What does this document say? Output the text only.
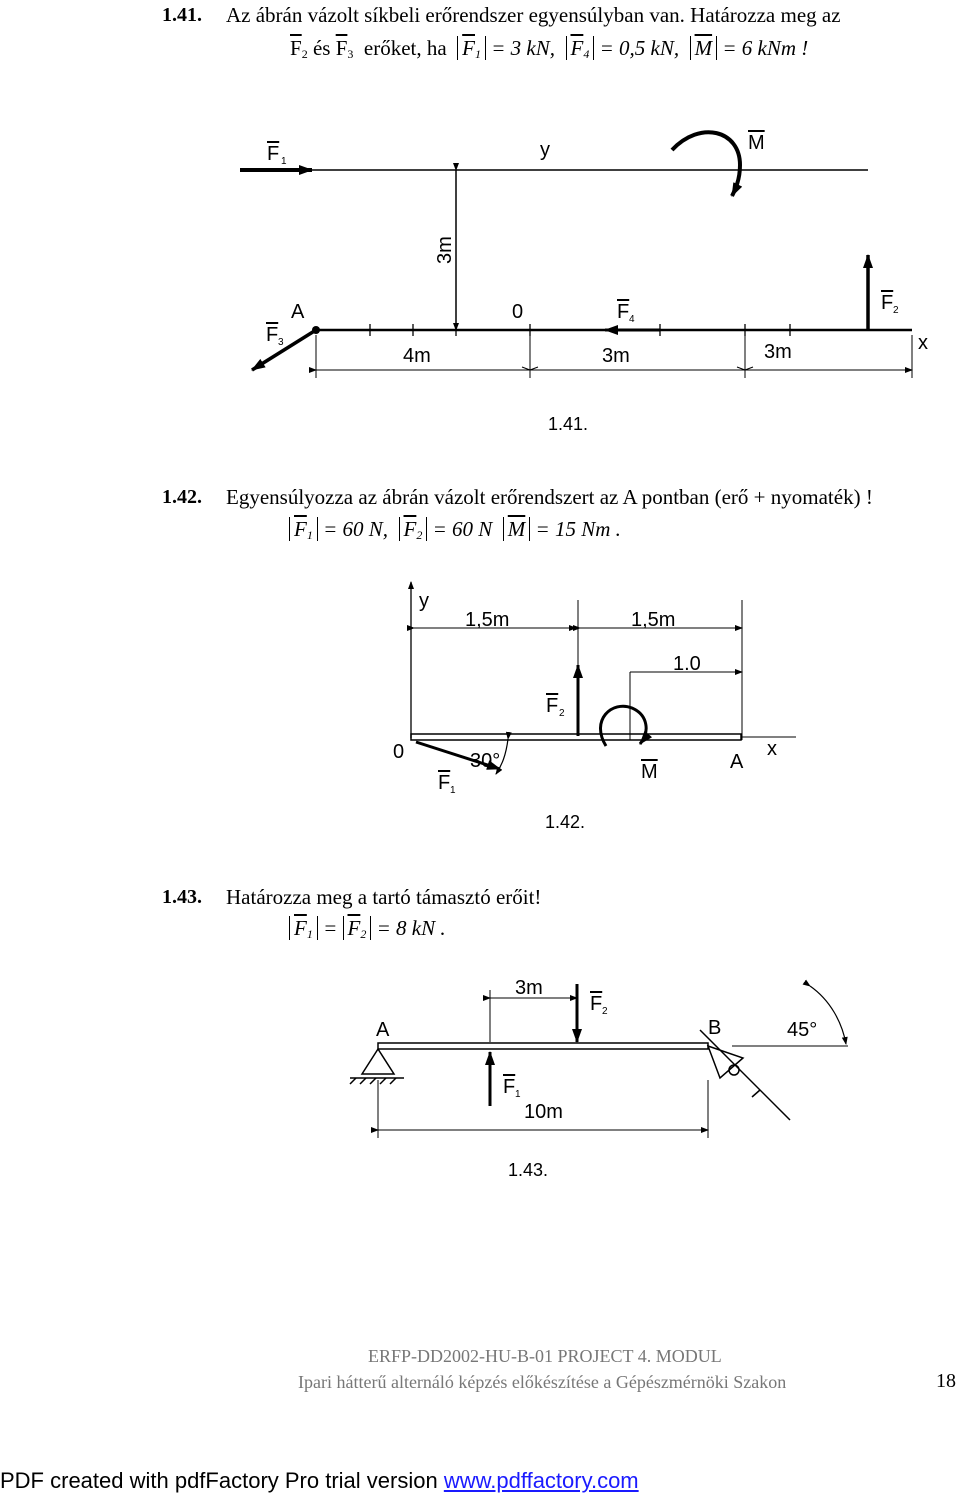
1.41. Az ábrán vázolt síkbeli erőrendszer egyensúlyban van. Határozza meg az
$\overline{F}_2$ és $\overline{F}_3$ erőket, ha $\overline{F}_1 = 3$ kN, $\overline{F}_4 = 0,5$ kN, $\overline{M} = 6$ kNm !
F 1
y	M
3m
A	0	F 4
F 2
F 3	x
4m	3m	3m
1.41.
1.42. Egyensúlyozza az ábrán vázolt erőrendszert az A pontban (erő + nyomaték) !
$\overline{F}_1 = 60$ N, $\overline{F}_2 = 60$ N $\overline{M} = 15$ Nm .
y
1,5m	1,5m
1.0
F 2
0	30°
F 1
M	A
x
1.42.
1.43. Határozza meg a tartó támasztó erőit!
$\overline{F}_1 = \overline{F}_2 = 8$ kN .
3m
F 2
A	B	45°
F 1
10m
1.43.
ERFP-DD2002-HU-B-01 PROJECT 4. MODUL
Ipari hátterű alternáló képzés előkészítése a Gépészmérnöki Szakon	18
PDF created with pdfFactory Pro trial version www.pdffactory.com
